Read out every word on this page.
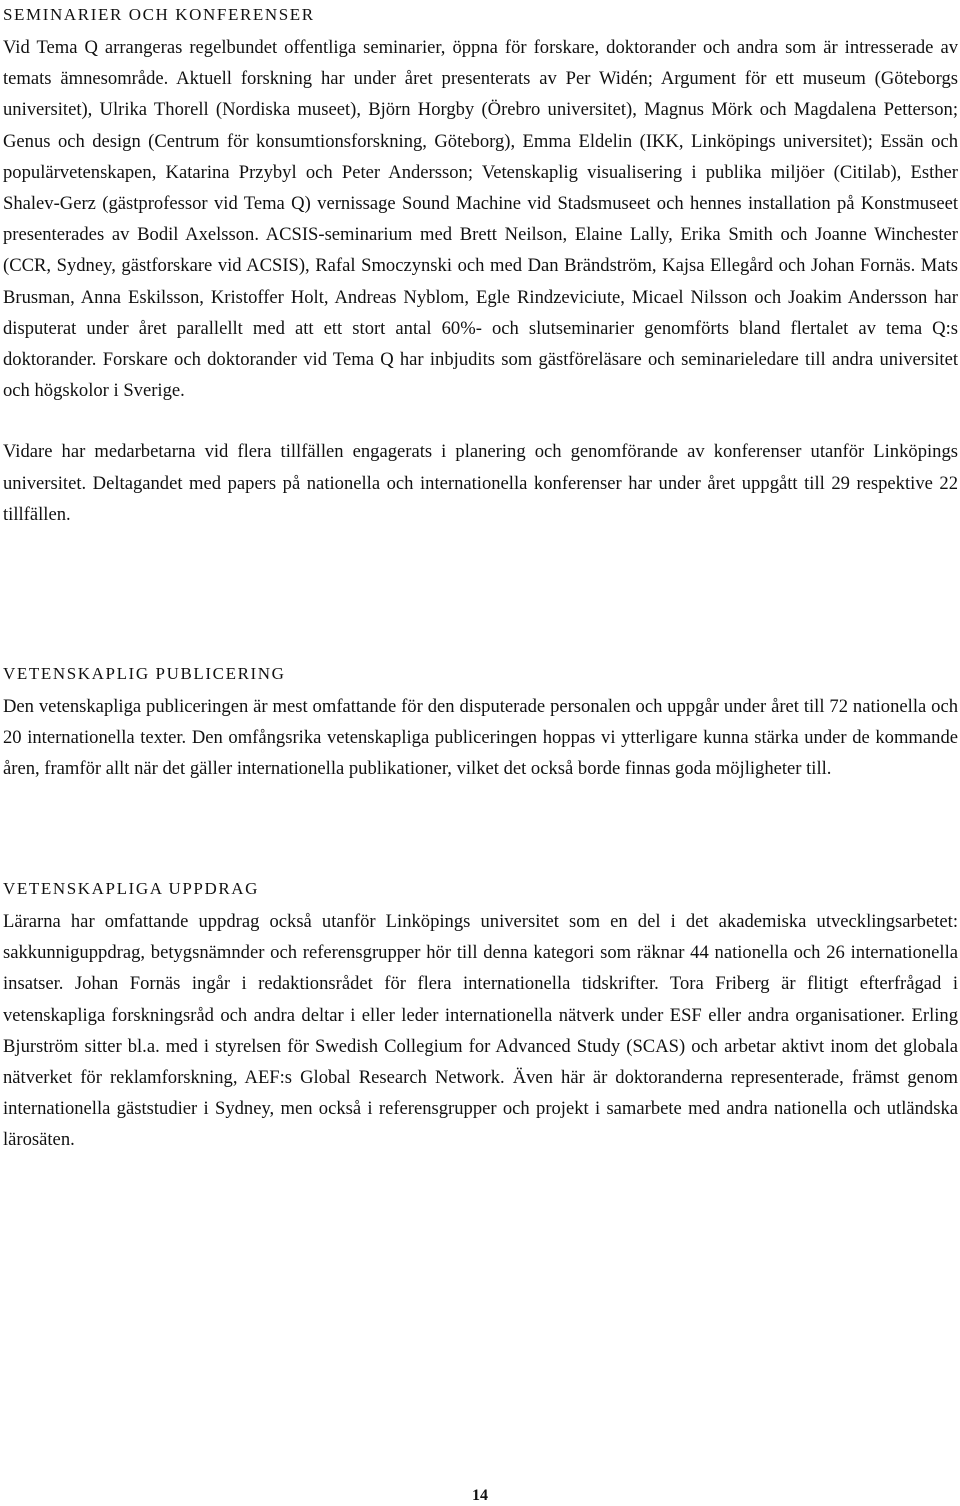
SEMINARIER OCH KONFERENSER

Vid Tema Q arrangeras regelbundet offentliga seminarier, öppna för forskare, doktorander och andra som är intresserade av temats ämnesområde. Aktuell forskning har under året presenterats av Per Widén; Argument för ett museum (Göteborgs universitet), Ulrika Thorell (Nordiska museet), Björn Horgby (Örebro universitet), Magnus Mörk och Magdalena Petterson; Genus och design (Centrum för konsumtionsforskning, Göteborg), Emma Eldelin (IKK, Linköpings universitet); Essän och populärvetenskapen, Katarina Przybyl och Peter Andersson; Vetenskaplig visualisering i publika miljöer (Citilab), Esther Shalev-Gerz (gästprofessor vid Tema Q) vernissage Sound Machine vid Stadsmuseet och hennes installation på Konstmuseet presenterades av Bodil Axelsson. ACSIS-seminarium med Brett Neilson, Elaine Lally, Erika Smith och Joanne Winchester (CCR, Sydney, gästforskare vid ACSIS), Rafal Smoczynski och med Dan Brändström, Kajsa Ellegård och Johan Fornäs. Mats Brusman, Anna Eskilsson, Kristoffer Holt, Andreas Nyblom, Egle Rindzeviciute, Micael Nilsson och Joakim Andersson har disputerat under året parallellt med att ett stort antal 60%- och slutseminarier genomförts bland flertalet av tema Q:s doktorander. Forskare och doktorander vid Tema Q har inbjudits som gästföreläsare och seminarieledare till andra universitet och högskolor i Sverige.

Vidare har medarbetarna vid flera tillfällen engagerats i planering och genomförande av konferenser utanför Linköpings universitet. Deltagandet med papers på nationella och internationella konferenser har under året uppgått till 29 respektive 22 tillfällen.

VETENSKAPLIG PUBLICERING

Den vetenskapliga publiceringen är mest omfattande för den disputerade personalen och uppgår under året till 72 nationella och 20 internationella texter. Den omfångsrika vetenskapliga publiceringen hoppas vi ytterligare kunna stärka under de kommande åren, framför allt när det gäller internationella publikationer, vilket det också borde finnas goda möjligheter till.

VETENSKAPLIGA UPPDRAG

Lärarna har omfattande uppdrag också utanför Linköpings universitet som en del i det akademiska utvecklingsarbetet: sakkunniguppdrag, betygsnämnder och referensgrupper hör till denna kategori som räknar 44 nationella och 26 internationella insatser. Johan Fornäs ingår i redaktionsrådet för flera internationella tidskrifter. Tora Friberg är flitigt efterfrågad i vetenskapliga forskningsråd och andra deltar i eller leder internationella nätverk under ESF eller andra organisationer. Erling Bjurström sitter bl.a. med i styrelsen för Swedish Collegium for Advanced Study (SCAS) och arbetar aktivt inom det globala nätverket för reklamforskning, AEF:s Global Research Network. Även här är doktoranderna representerade, främst genom internationella gäststudier i Sydney, men också i referensgrupper och projekt i samarbete med andra nationella och utländska lärosäten.

14
